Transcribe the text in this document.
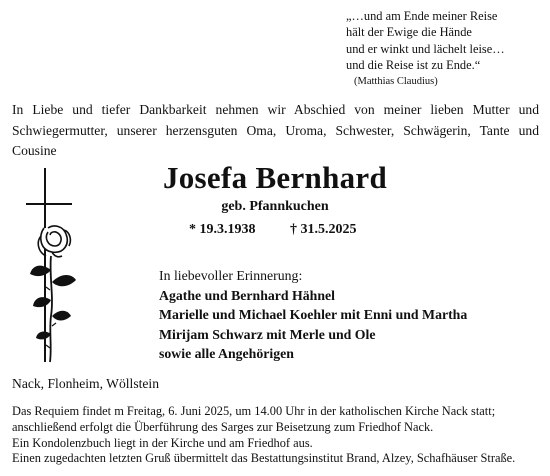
„…und am Ende meiner Reise
hält der Ewige die Hände
und er winkt und lächelt leise…
und die Reise ist zu Ende.“
(Matthias Claudius)
In Liebe und tiefer Dankbarkeit nehmen wir Abschied von meiner lieben Mutter und Schwiegermutter, unserer herzensguten Oma, Uroma, Schwester, Schwägerin, Tante und Cousine
Josefa Bernhard
geb. Pfannkuchen
* 19.3.1938 † 31.5.2025
In liebevoller Erinnerung:
Agathe und Bernhard Hähnel
Marielle und Michael Koehler mit Enni und Martha
Mirijam Schwarz mit Merle und Ole
sowie alle Angehörigen
Nack, Flonheim, Wöllstein
Das Requiem findet m Freitag, 6. Juni 2025, um 14.00 Uhr in der katholischen Kirche Nack statt;
anschließend erfolgt die Überführung des Sarges zur Beisetzung zum Friedhof Nack.
Ein Kondolenzbuch liegt in der Kirche und am Friedhof aus.
Einen zugedachten letzten Gruß übermittelt das Bestattungsinstitut Brand, Alzey, Schafhäuser Straße.
